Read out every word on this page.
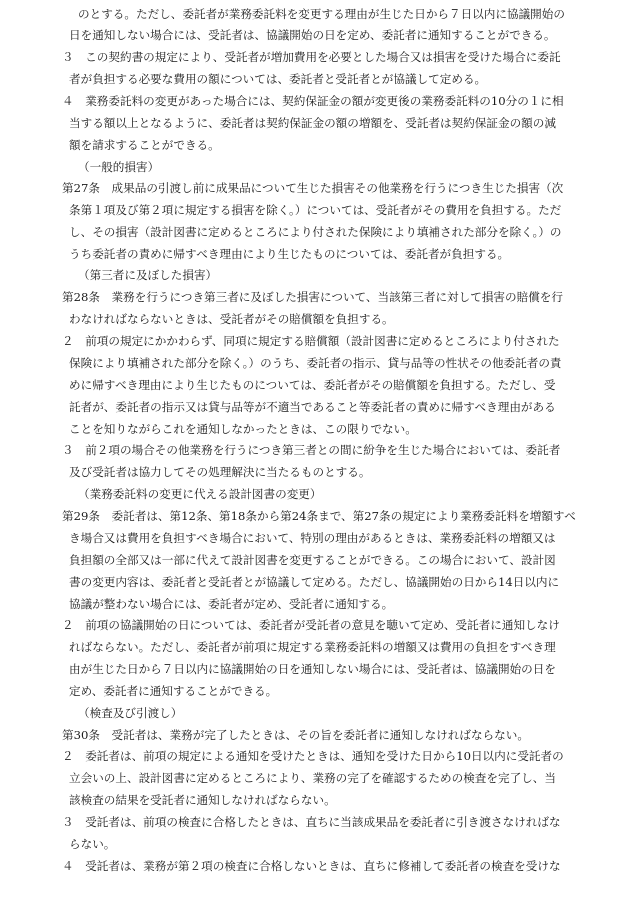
のとする。ただし、委託者が業務委託料を変更する理由が生じた日から７日以内に協議開始の
日を通知しない場合には、受託者は、協議開始の日を定め、委託者に通知することができる。
３　この契約書の規定により、受託者が増加費用を必要とした場合又は損害を受けた場合に委託
者が負担する必要な費用の額については、委託者と受託者とが協議して定める。
４　業務委託料の変更があった場合には、契約保証金の額が変更後の業務委託料の10分の１に相
当する額以上となるように、委託者は契約保証金の額の増額を、受託者は契約保証金の額の減
額を請求することができる。
（一般的損害）
第27条　成果品の引渡し前に成果品について生じた損害その他業務を行うにつき生じた損害（次
条第１項及び第２項に規定する損害を除く。）については、受託者がその費用を負担する。ただ
し、その損害（設計図書に定めるところにより付された保険により填補された部分を除く。）の
うち委託者の責めに帰すべき理由により生じたものについては、委託者が負担する。
（第三者に及ぼした損害）
第28条　業務を行うにつき第三者に及ぼした損害について、当該第三者に対して損害の賠償を行
わなければならないときは、受託者がその賠償額を負担する。
２　前項の規定にかかわらず、同項に規定する賠償額（設計図書に定めるところにより付された
保険により填補された部分を除く。）のうち、委託者の指示、貸与品等の性状その他委託者の責
めに帰すべき理由により生じたものについては、委託者がその賠償額を負担する。ただし、受
託者が、委託者の指示又は貸与品等が不適当であること等委託者の責めに帰すべき理由がある
ことを知りながらこれを通知しなかったときは、この限りでない。
３　前２項の場合その他業務を行うにつき第三者との間に紛争を生じた場合においては、委託者
及び受託者は協力してその処理解決に当たるものとする。
（業務委託料の変更に代える設計図書の変更）
第29条　委託者は、第12条、第18条から第24条まで、第27条の規定により業務委託料を増額すべ
き場合又は費用を負担すべき場合において、特別の理由があるときは、業務委託料の増額又は
負担額の全部又は一部に代えて設計図書を変更することができる。この場合において、設計図
書の変更内容は、委託者と受託者とが協議して定める。ただし、協議開始の日から14日以内に
協議が整わない場合には、委託者が定め、受託者に通知する。
２　前項の協議開始の日については、委託者が受託者の意見を聴いて定め、受託者に通知しなけ
ればならない。ただし、委託者が前項に規定する業務委託料の増額又は費用の負担をすべき理
由が生じた日から７日以内に協議開始の日を通知しない場合には、受託者は、協議開始の日を
定め、委託者に通知することができる。
（検査及び引渡し）
第30条　受託者は、業務が完了したときは、その旨を委託者に通知しなければならない。
２　委託者は、前項の規定による通知を受けたときは、通知を受けた日から10日以内に受託者の
立会いの上、設計図書に定めるところにより、業務の完了を確認するための検査を完了し、当
該検査の結果を受託者に通知しなければならない。
３　受託者は、前項の検査に合格したときは、直ちに当該成果品を委託者に引き渡さなければな
らない。
４　受託者は、業務が第２項の検査に合格しないときは、直ちに修補して委託者の検査を受けな
